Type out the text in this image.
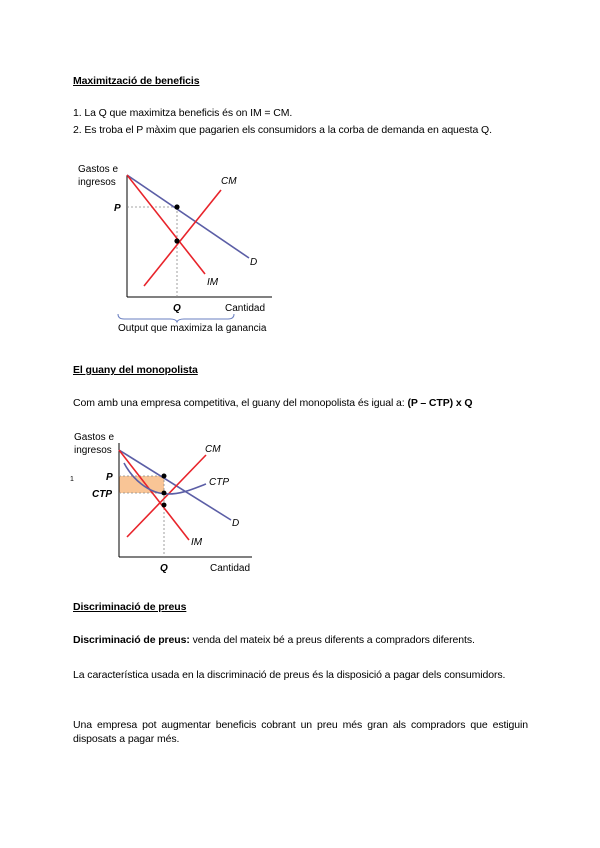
Maximització de beneficis
1. La Q que maximitza beneficis és on IM = CM.
2. Es troba el P màxim que pagarien els consumidors a la corba de demanda en aquesta Q.
Gastos e
ingresos
P
Q	Cantidad
CM
D
IM
Output que maximiza la ganancia
El guany del monopolista
Com amb una empresa competitiva, el guany del monopolista és igual a: (P – CTP) x Q
Gastos e
ingresos
1	P
CTP
Q	Cantidad
CM
CTP
D
IM
Discriminació de preus
Discriminació de preus: venda del mateix bé a preus diferents a compradors diferents.
La característica usada en la discriminació de preus és la disposició a pagar dels consumidors.
Una empresa pot augmentar beneficis cobrant un preu més gran als compradors que estiguin disposats a pagar més.
